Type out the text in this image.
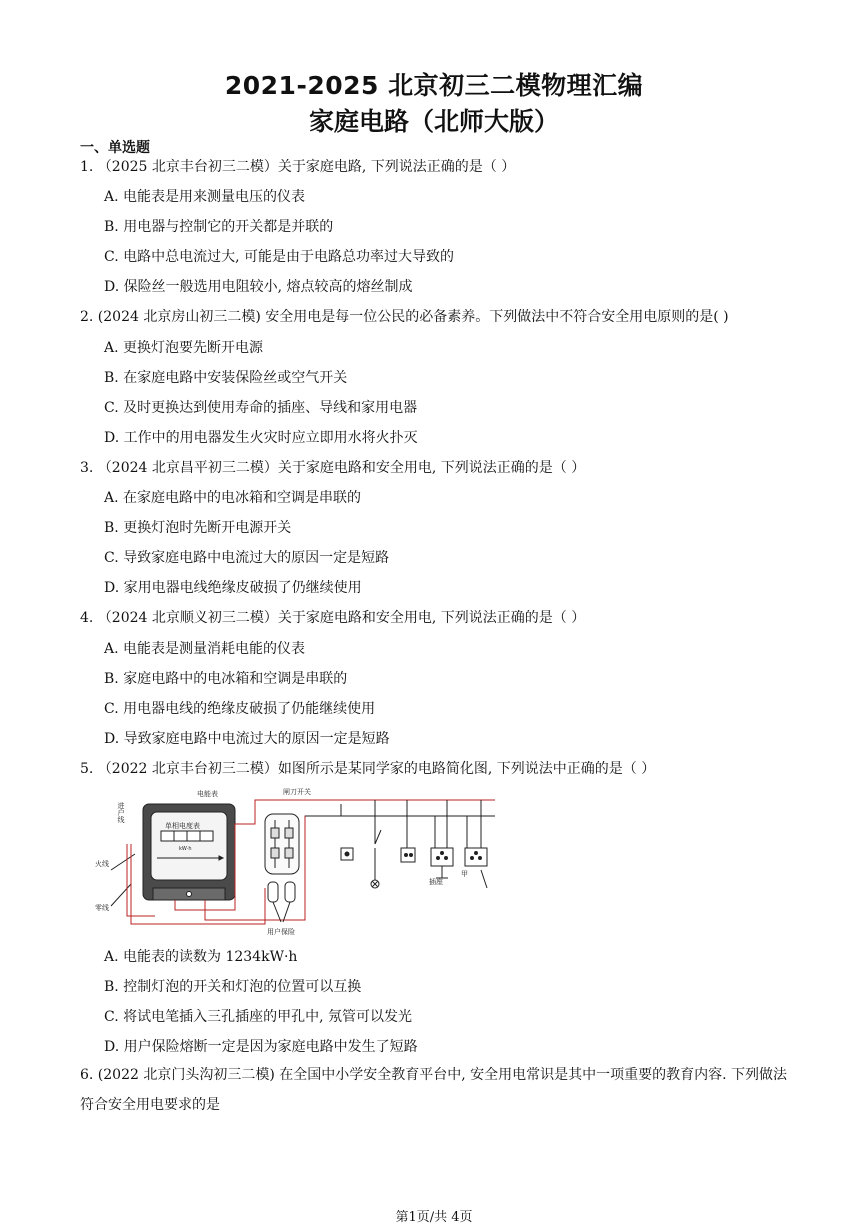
2021-2025 北京初三二模物理汇编
家庭电路（北师大版）
一、单选题
1. （2025 北京丰台初三二模）关于家庭电路, 下列说法正确的是（ ）
A. 电能表是用来测量电压的仪表
B. 用电器与控制它的开关都是并联的
C. 电路中总电流过大, 可能是由于电路总功率过大导致的
D. 保险丝一般选用电阻较小, 熔点较高的熔丝制成
2. (2024 北京房山初三二模) 安全用电是每一位公民的必备素养。下列做法中不符合安全用电原则的是( )
A. 更换灯泡要先断开电源
B. 在家庭电路中安装保险丝或空气开关
C. 及时更换达到使用寿命的插座、导线和家用电器
D. 工作中的用电器发生火灾时应立即用水将火扑灭
3. （2024 北京昌平初三二模）关于家庭电路和安全用电, 下列说法正确的是（ ）
A. 在家庭电路中的电冰箱和空调是串联的
B. 更换灯泡时先断开电源开关
C. 导致家庭电路中电流过大的原因一定是短路
D. 家用电器电线绝缘皮破损了仍继续使用
4. （2024 北京顺义初三二模）关于家庭电路和安全用电, 下列说法正确的是（ ）
A. 电能表是测量消耗电能的仪表
B. 家庭电路中的电冰箱和空调是串联的
C. 用电器电线的绝缘皮破损了仍能继续使用
D. 导致家庭电路中电流过大的原因一定是短路
5. （2022 北京丰台初三二模）如图所示是某同学家的电路简化图, 下列说法中正确的是（ ）
进户线
火线
零线
电能表
单相电度表
kW·h
闸刀开关
用户保险
插座
甲
A. 电能表的读数为 1234kW·h
B. 控制灯泡的开关和灯泡的位置可以互换
C. 将试电笔插入三孔插座的甲孔中, 氖管可以发光
D. 用户保险熔断一定是因为家庭电路中发生了短路
6. (2022 北京门头沟初三二模) 在全国中小学安全教育平台中, 安全用电常识是其中一项重要的教育内容. 下列做法符合安全用电要求的是
第1页/共 4页
